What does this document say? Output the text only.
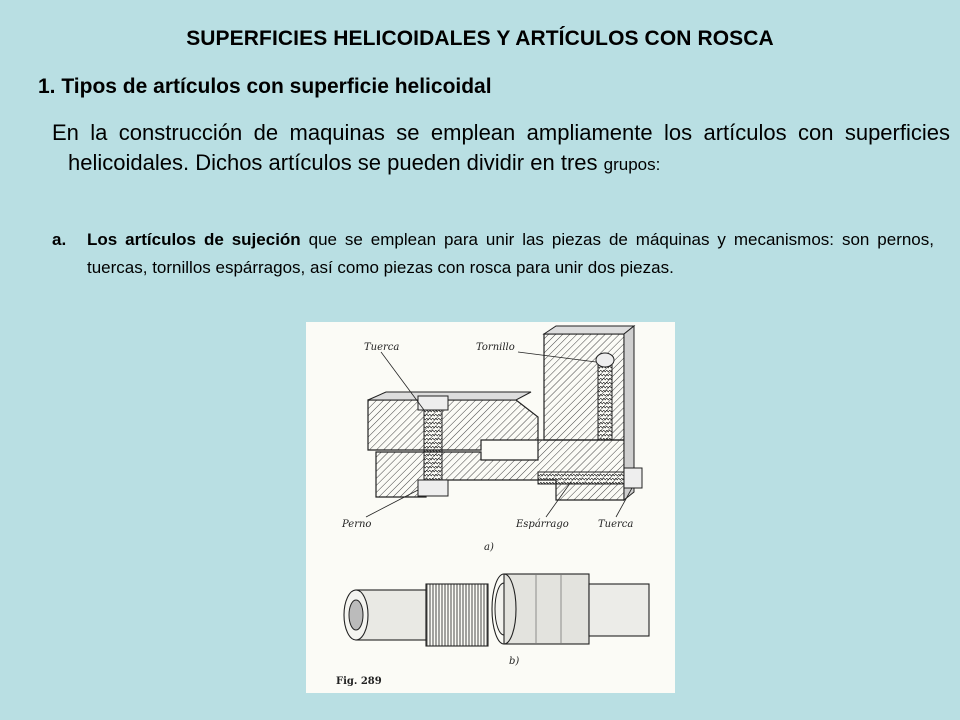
SUPERFICIES HELICOIDALES Y ARTÍCULOS CON ROSCA
1. Tipos de artículos con superficie helicoidal
En la construcción de maquinas se emplean ampliamente los artículos con superficies helicoidales. Dichos artículos se pueden dividir en tres grupos:
a. Los artículos de sujeción que se emplean para unir las piezas de máquinas y mecanismos: son pernos, tuercas, tornillos espárragos, así como piezas con rosca para unir dos piezas.
Tuerca	Tornillo
Perno	Espárrago	Tuerca
a)
b)
Fig. 289
